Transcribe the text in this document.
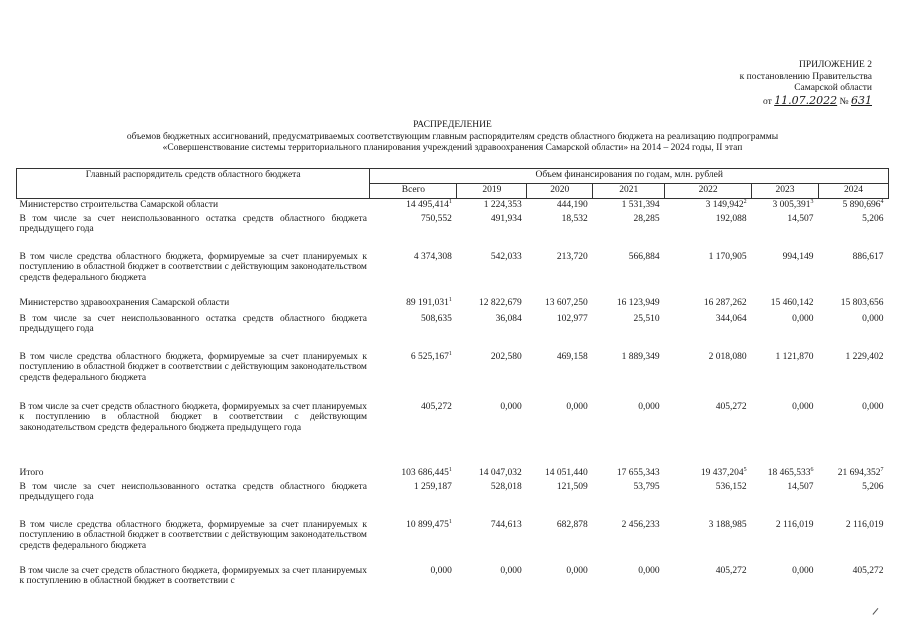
ПРИЛОЖЕНИЕ 2
к постановлению Правительства
Самарской области
от 11.07.2022 № 631
РАСПРЕДЕЛЕНИЕ
объемов бюджетных ассигнований, предусматриваемых соответствующим главным распорядителям средств областного бюджета на реализацию подпрограммы
«Совершенствование системы территориального планирования учреждений здравоохранения Самарской области» на 2014 – 2024 годы, II этап
Главный распорядитель средств областного бюджета	Объем финансирования по годам, млн. рублей						
	Всего	2019	2020	2021	2022	2023	2024
Министерство строительства Самарской области	14 495,414$^1$	1 224,353	444,190	1 531,394	3 149,942$^2$	3 005,391$^3$	5 890,696$^4$
В том числе за счет неиспользованного остатка средств областного бюджета предыдущего года	750,552	491,934	18,532	28,285	192,088	14,507	5,206
В том числе средства областного бюджета, формируемые за счет планируемых к поступлению в областной бюджет в соответствии с действующим законодательством средств федерального бюджета	4 374,308	542,033	213,720	566,884	1 170,905	994,149	886,617
Министерство здравоохранения Самарской области	89 191,031$^1$	12 822,679	13 607,250	16 123,949	16 287,262	15 460,142	15 803,656
В том числе за счет неиспользованного остатка средств областного бюджета предыдущего года	508,635	36,084	102,977	25,510	344,064	0,000	0,000
В том числе средства областного бюджета, формируемые за счет планируемых к поступлению в областной бюджет в соответствии с действующим законодательством средств федерального бюджета	6 525,167$^1$	202,580	469,158	1 889,349	2 018,080	1 121,870	1 229,402
В том числе за счет средств областного бюджета, формируемых за счет планируемых к поступлению в областной бюджет в соответствии с действующим законодательством средств федерального бюджета предыдущего года	405,272	0,000	0,000	0,000	405,272	0,000	0,000
Итого	103 686,445$^1$	14 047,032	14 051,440	17 655,343	19 437,204$^5$	18 465,533$^6$	21 694,352$^7$
В том числе за счет неиспользованного остатка средств областного бюджета предыдущего года	1 259,187	528,018	121,509	53,795	536,152	14,507	5,206
В том числе средства областного бюджета, формируемые за счет планируемых к поступлению в областной бюджет в соответствии с действующим законодательством средств федерального бюджета	10 899,475$^1$	744,613	682,878	2 456,233	3 188,985	2 116,019	2 116,019
В том числе за счет средств областного бюджета, формируемых за счет планируемых к поступлению в областной бюджет в соответствии с	0,000	0,000	0,000	0,000	405,272	0,000	405,272
